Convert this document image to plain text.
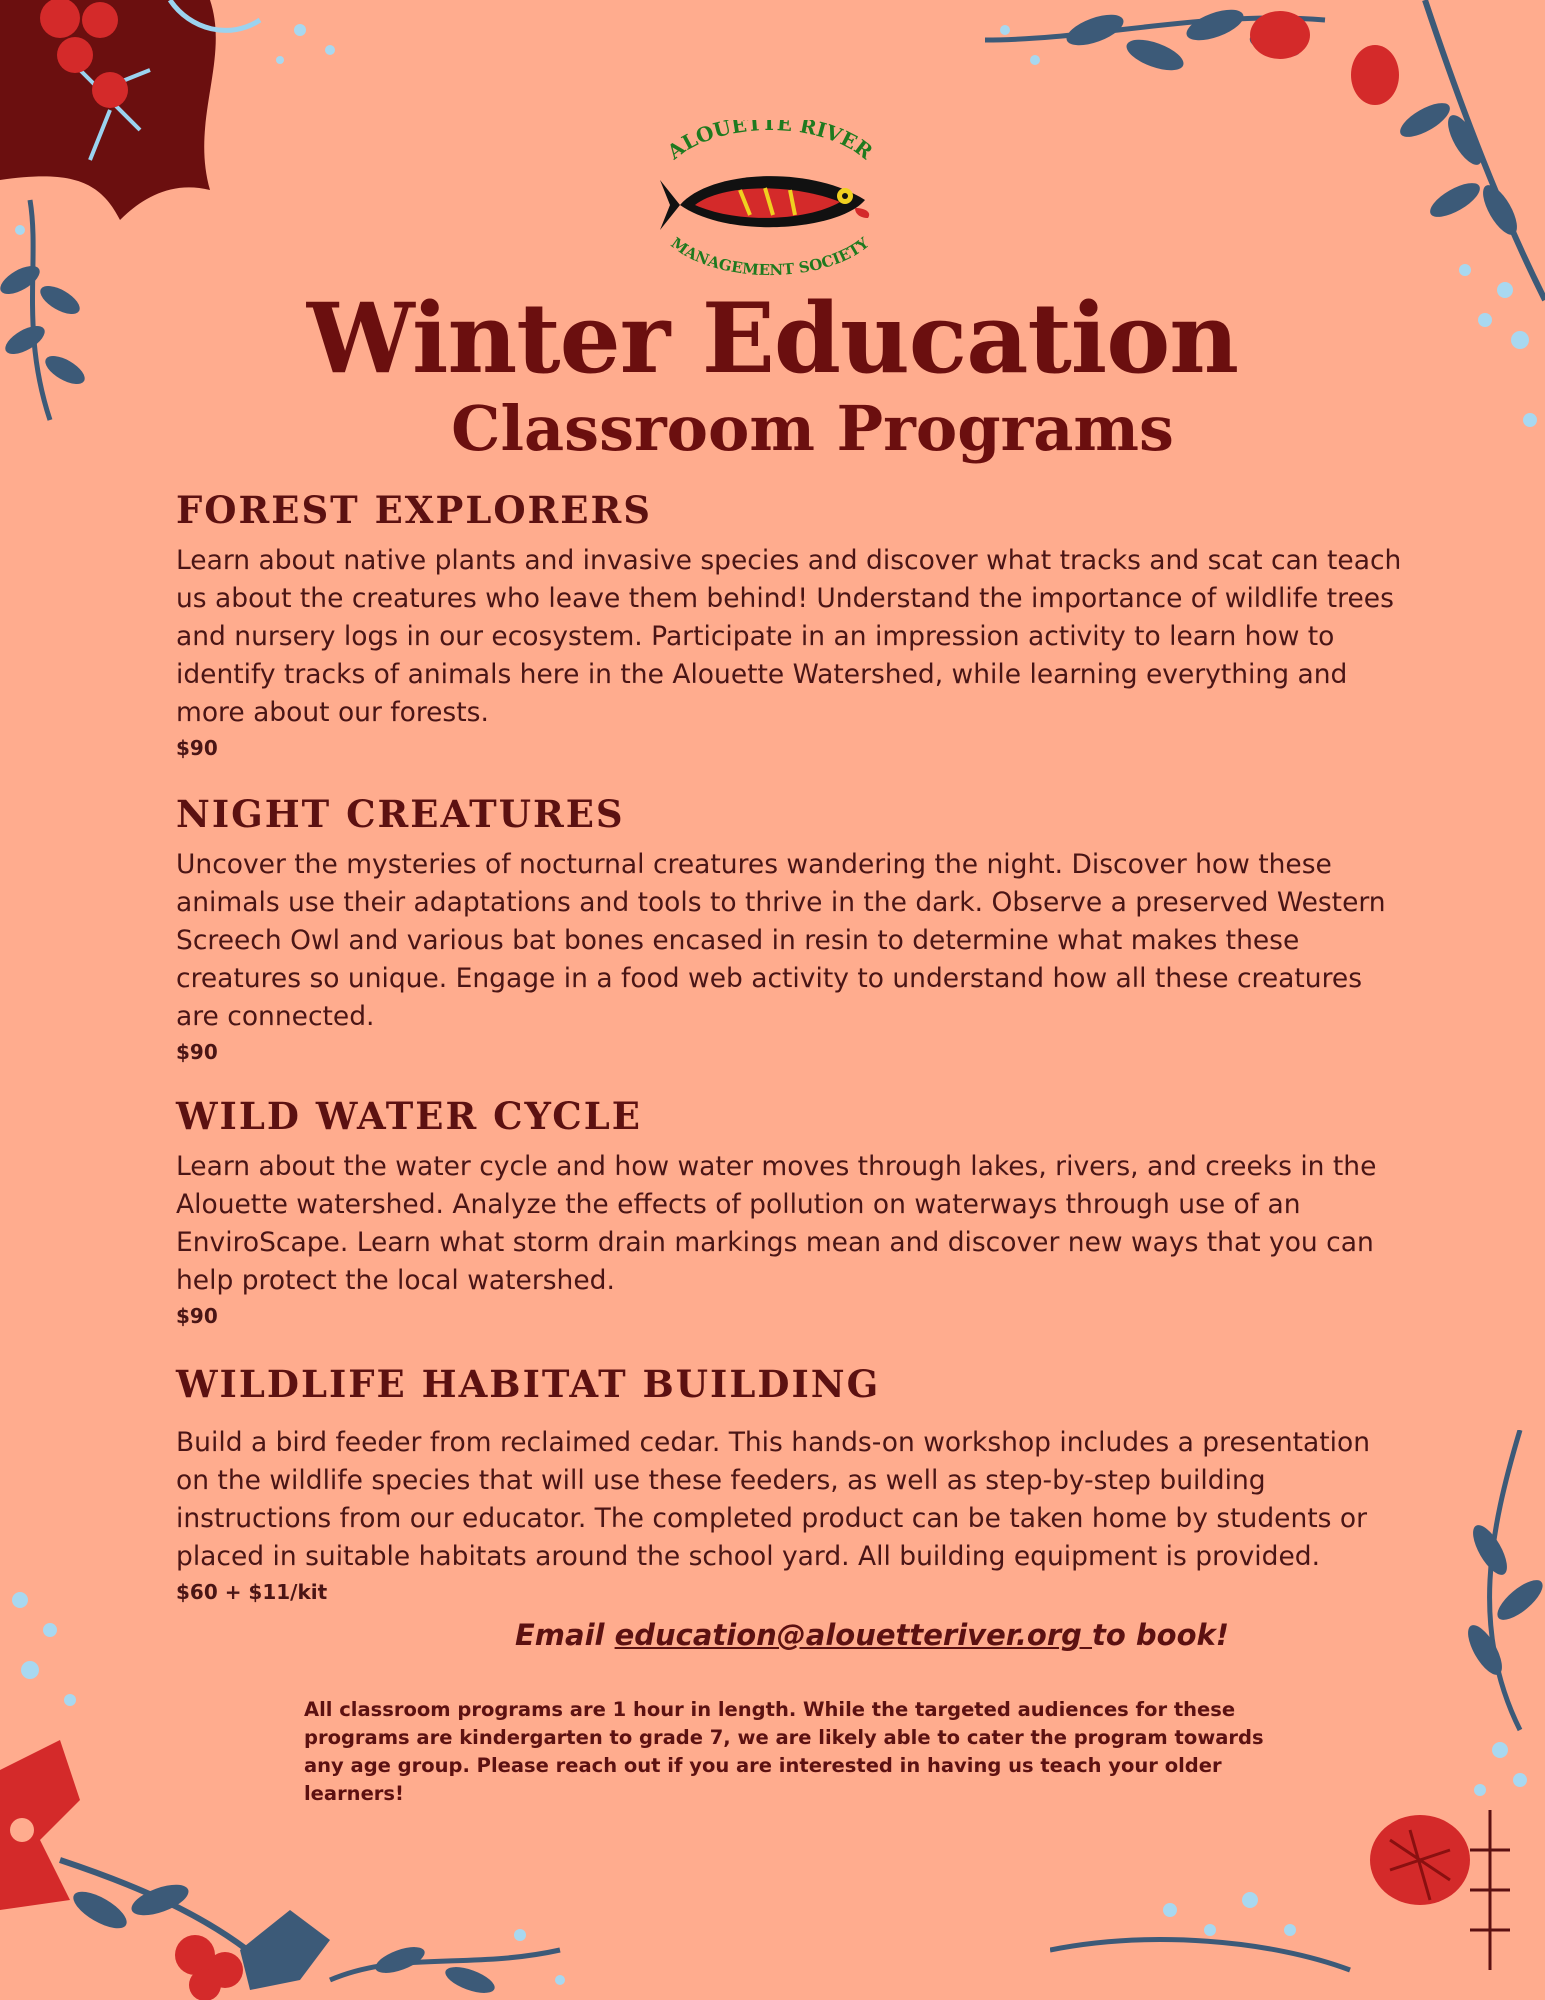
ALOUETTE RIVER
MANAGEMENT SOCIETY
Winter Education
Classroom Programs
FOREST EXPLORERS

Learn about native plants and invasive species and discover what tracks and scat can teach us about the creatures who leave them behind! Understand the importance of wildlife trees and nursery logs in our ecosystem. Participate in an impression activity to learn how to identify tracks of animals here in the Alouette Watershed, while learning everything and more about our forests.

$90
NIGHT CREATURES

Uncover the mysteries of nocturnal creatures wandering the night. Discover how these animals use their adaptations and tools to thrive in the dark. Observe a preserved Western Screech Owl and various bat bones encased in resin to determine what makes these creatures so unique. Engage in a food web activity to understand how all these creatures are connected.

$90
WILD WATER CYCLE

Learn about the water cycle and how water moves through lakes, rivers, and creeks in the Alouette watershed. Analyze the effects of pollution on waterways through use of an EnviroScape. Learn what storm drain markings mean and discover new ways that you can help protect the local watershed.

$90
WILDLIFE HABITAT BUILDING

Build a bird feeder from reclaimed cedar. This hands-on workshop includes a presentation on the wildlife species that will use these feeders, as well as step-by-step building instructions from our educator. The completed product can be taken home by students or placed in suitable habitats around the school yard. All building equipment is provided.

$60 + $11/kit
Email education@alouetteriver.org to book!
All classroom programs are 1 hour in length. While the targeted audiences for these programs are kindergarten to grade 7, we are likely able to cater the program towards any age group. Please reach out if you are interested in having us teach your older learners!
